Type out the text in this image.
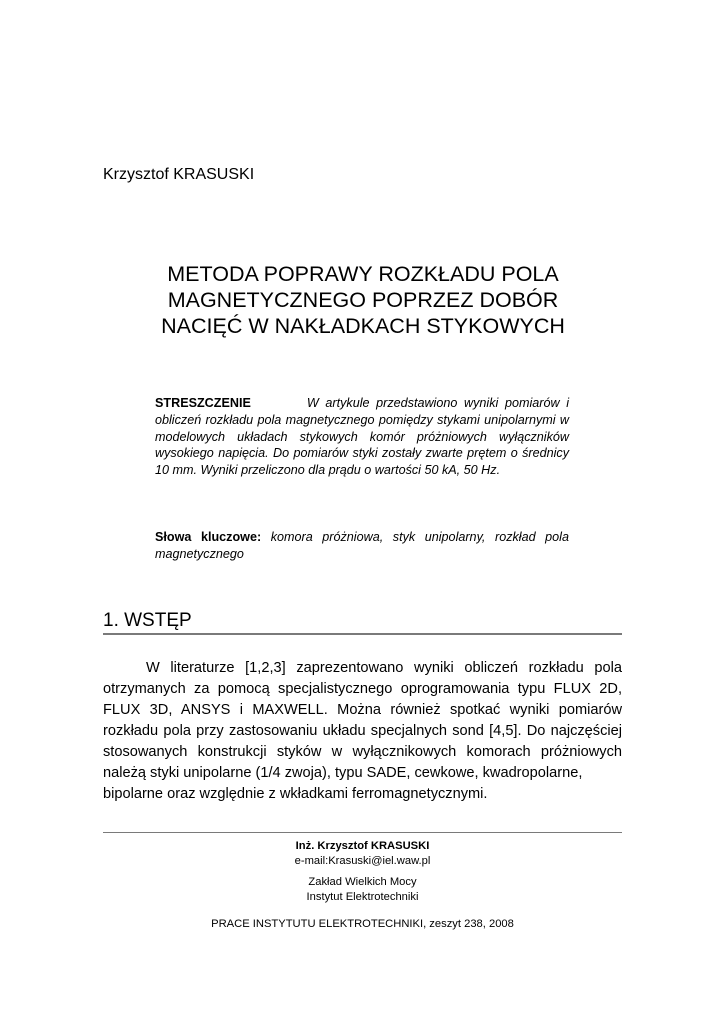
Krzysztof KRASUSKI
METODA POPRAWY ROZKŁADU POLA
MAGNETYCZNEGO POPRZEZ DOBÓR
NACIĘĆ W NAKŁADKACH STYKOWYCH
STRESZCZENIE	W artykule przedstawiono wyniki pomiarów i obliczeń rozkładu pola magnetycznego pomiędzy stykami unipolarnymi w modelowych układach stykowych komór próżniowych wyłączników wysokiego napięcia. Do pomiarów styki zostały zwarte prętem o średnicy 10 mm. Wyniki przeliczono dla prądu o wartości 50 kA, 50 Hz.
Słowa kluczowe: komora próżniowa, styk unipolarny, rozkład pola magnetycznego
1. WSTĘP

W literaturze [1,2,3] zaprezentowano wyniki obliczeń rozkładu pola otrzymanych za pomocą specjalistycznego oprogramowania typu FLUX 2D, FLUX 3D, ANSYS i MAXWELL. Można również spotkać wyniki pomiarów rozkładu pola przy zastosowaniu układu specjalnych sond [4,5]. Do najczęściej stosowanych konstrukcji styków w wyłącznikowych komorach próżniowych należą styki unipolarne (1/4 zwoja), typu SADE, cewkowe, kwadropolarne,
bipolarne oraz względnie z wkładkami ferromagnetycznymi.

Inż. Krzysztof KRASUSKI
e-mail:Krasuski@iel.waw.pl
Zakład Wielkich Mocy
Instytut Elektrotechniki
PRACE INSTYTUTU ELEKTROTECHNIKI, zeszyt 238, 2008
